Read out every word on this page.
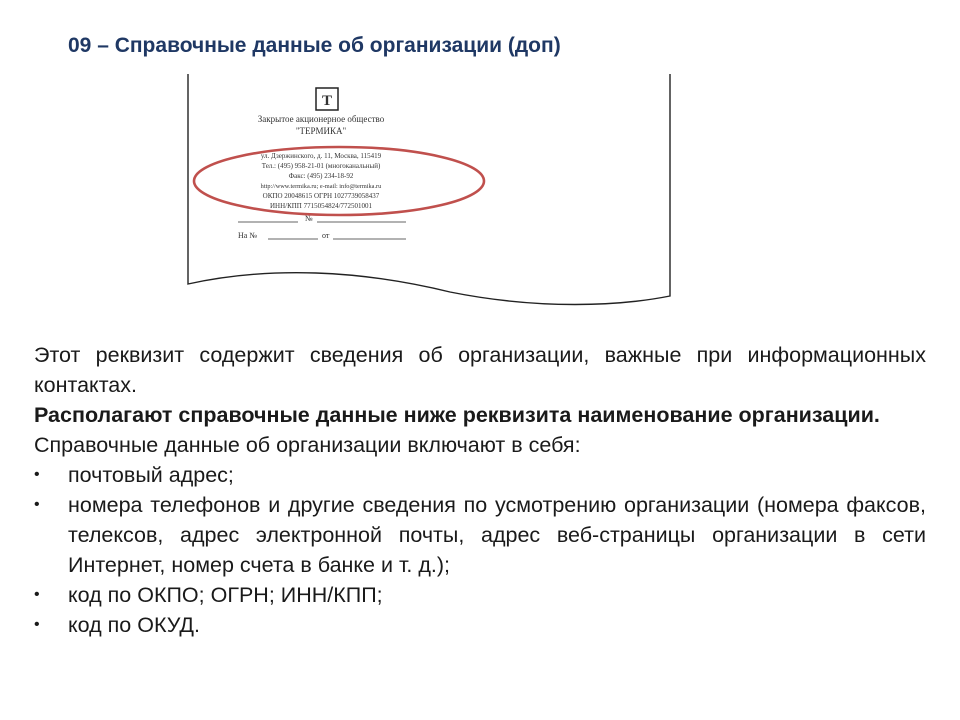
09 – Справочные данные об организации (доп)
Т
Закрытое акционерное общество
"ТЕРМИКА"
ул. Дзержинского, д. 11, Москва, 115419
Тел.: (495) 958-21-01 (многоканальный)
Факс: (495) 234-18-92
http://www.termika.ru; e-mail: info@termika.ru
ОКПО 20048615 ОГРН 1027739058437
ИНН/КПП 7715054824/772501001
№
На №	от
Этот реквизит содержит сведения об организации, важные при информационных контактах.
Располагают справочные данные ниже реквизита наименование организации.
Справочные данные об организации включают в себя:
• почтовый адрес;
• номера телефонов и другие сведения по усмотрению организации (номера факсов, телексов, адрес электронной почты, адрес веб-страницы организации в сети Интернет, номер счета в банке и т. д.);
• код по ОКПО; ОГРН; ИНН/КПП;
• код по ОКУД.
